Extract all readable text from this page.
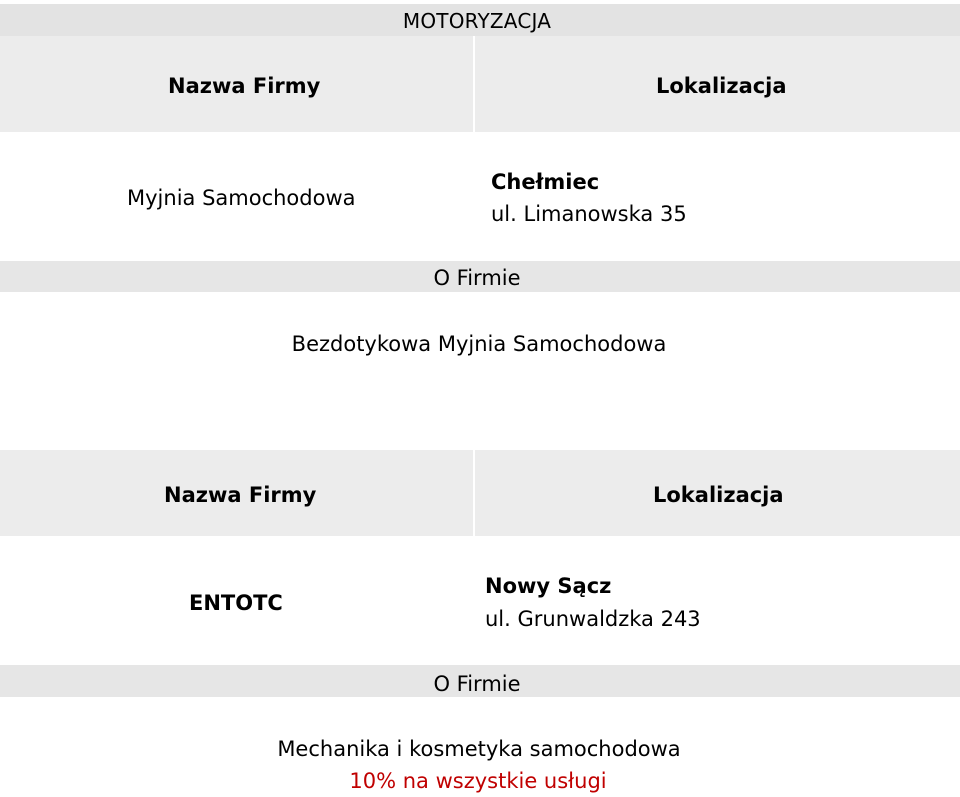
MOTORYZACJA
Nazwa Firmy	Lokalizacja
Myjnia Samochodowa
Chełmiec
ul. Limanowska 35
O Firmie
Bezdotykowa Myjnia Samochodowa
Nazwa Firmy	Lokalizacja
ENTOTC
Nowy Sącz
ul. Grunwaldzka 243
O Firmie
Mechanika i kosmetyka samochodowa
10% na wszystkie usługi
